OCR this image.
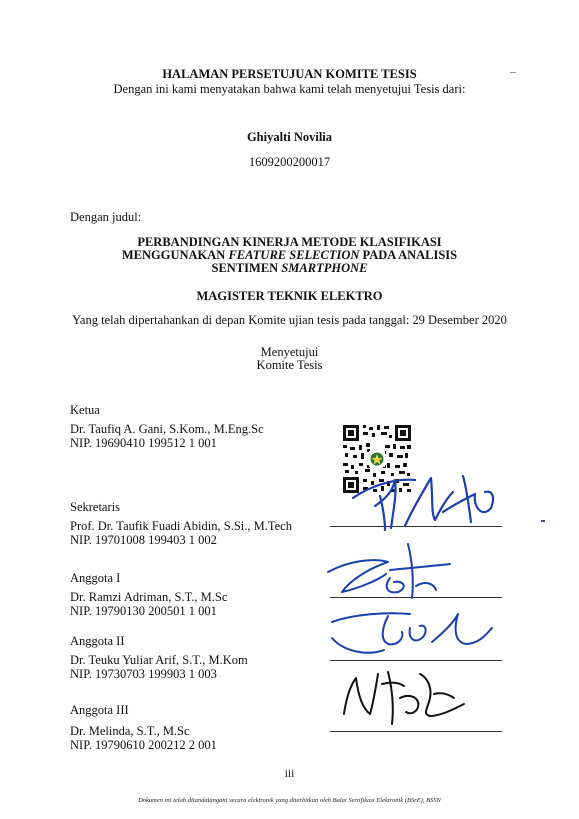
HALAMAN PERSETUJUAN KOMITE TESIS
Dengan ini kami menyatakan bahwa kami telah menyetujui Tesis dari:
Ghiyalti Novilia
1609200200017
Dengan judul:
PERBANDINGAN KINERJA METODE KLASIFIKASI
MENGGUNAKAN FEATURE SELECTION PADA ANALISIS
SENTIMEN SMARTPHONE
MAGISTER TEKNIK ELEKTRO
Yang telah dipertahankan di depan Komite ujian tesis pada tanggal: 29 Desember 2020
Menyetujui
Komite Tesis
Ketua
Dr. Taufiq A. Gani, S.Kom., M.Eng.Sc
NIP. 19690410 199512 1 001
Sekretaris
Prof. Dr. Taufik Fuadi Abidin, S.Si., M.Tech
NIP. 19701008 199403 1 002
Anggota I
Dr. Ramzi Adriman, S.T., M.Sc
NIP. 19790130 200501 1 001
Anggota II
Dr. Teuku Yuliar Arif, S.T., M.Kom
NIP. 19730703 199903 1 003
Anggota III
Dr. Melinda, S.T., M.Sc
NIP. 19790610 200212 2 001
iii
Dokumen ini telah ditandatangani secara elektronik yang diterbitkan oleh Balai Sertifikasi Elektronik (BSrE), BSSN
